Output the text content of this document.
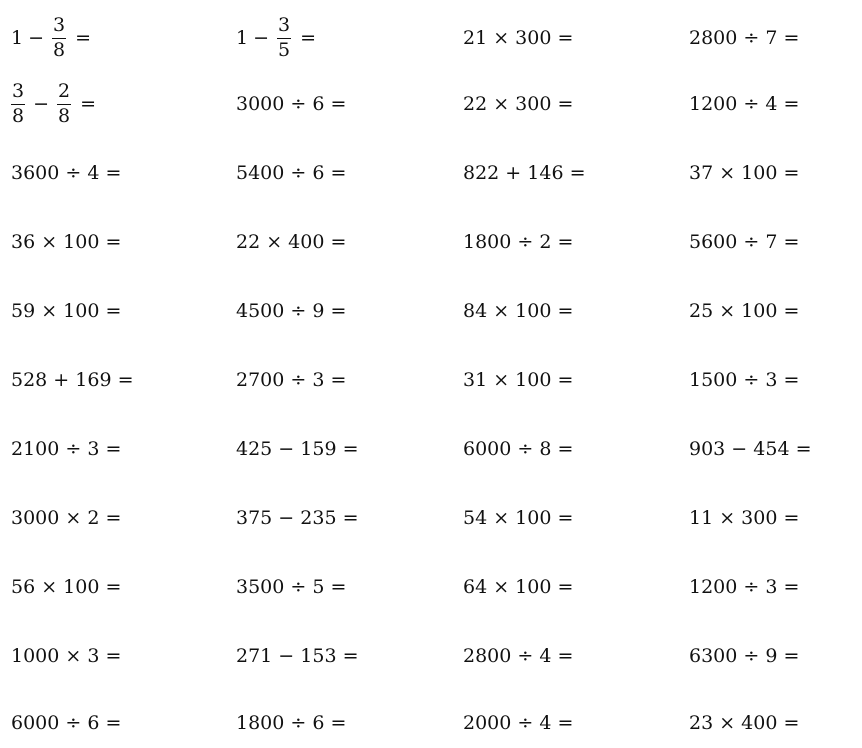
$1 - \frac{3}{8}$ =	$1 - \frac{3}{5}$ =	21 × 300 =	2800 ÷ 7 =
$\frac{3}{8} - \frac{2}{8}$ =	3000 ÷ 6 =	22 × 300 =	1200 ÷ 4 =
3600 ÷ 4 =	5400 ÷ 6 =	822 + 146 =	37 × 100 =
36 × 100 =	22 × 400 =	1800 ÷ 2 =	5600 ÷ 7 =
59 × 100 =	4500 ÷ 9 =	84 × 100 =	25 × 100 =
528 + 169 =	2700 ÷ 3 =	31 × 100 =	1500 ÷ 3 =
2100 ÷ 3 =	425 − 159 =	6000 ÷ 8 =	903 − 454 =
3000 × 2 =	375 − 235 =	54 × 100 =	11 × 300 =
56 × 100 =	3500 ÷ 5 =	64 × 100 =	1200 ÷ 3 =
1000 × 3 =	271 − 153 =	2800 ÷ 4 =	6300 ÷ 9 =
6000 ÷ 6 =	1800 ÷ 6 =	2000 ÷ 4 =	23 × 400 =
